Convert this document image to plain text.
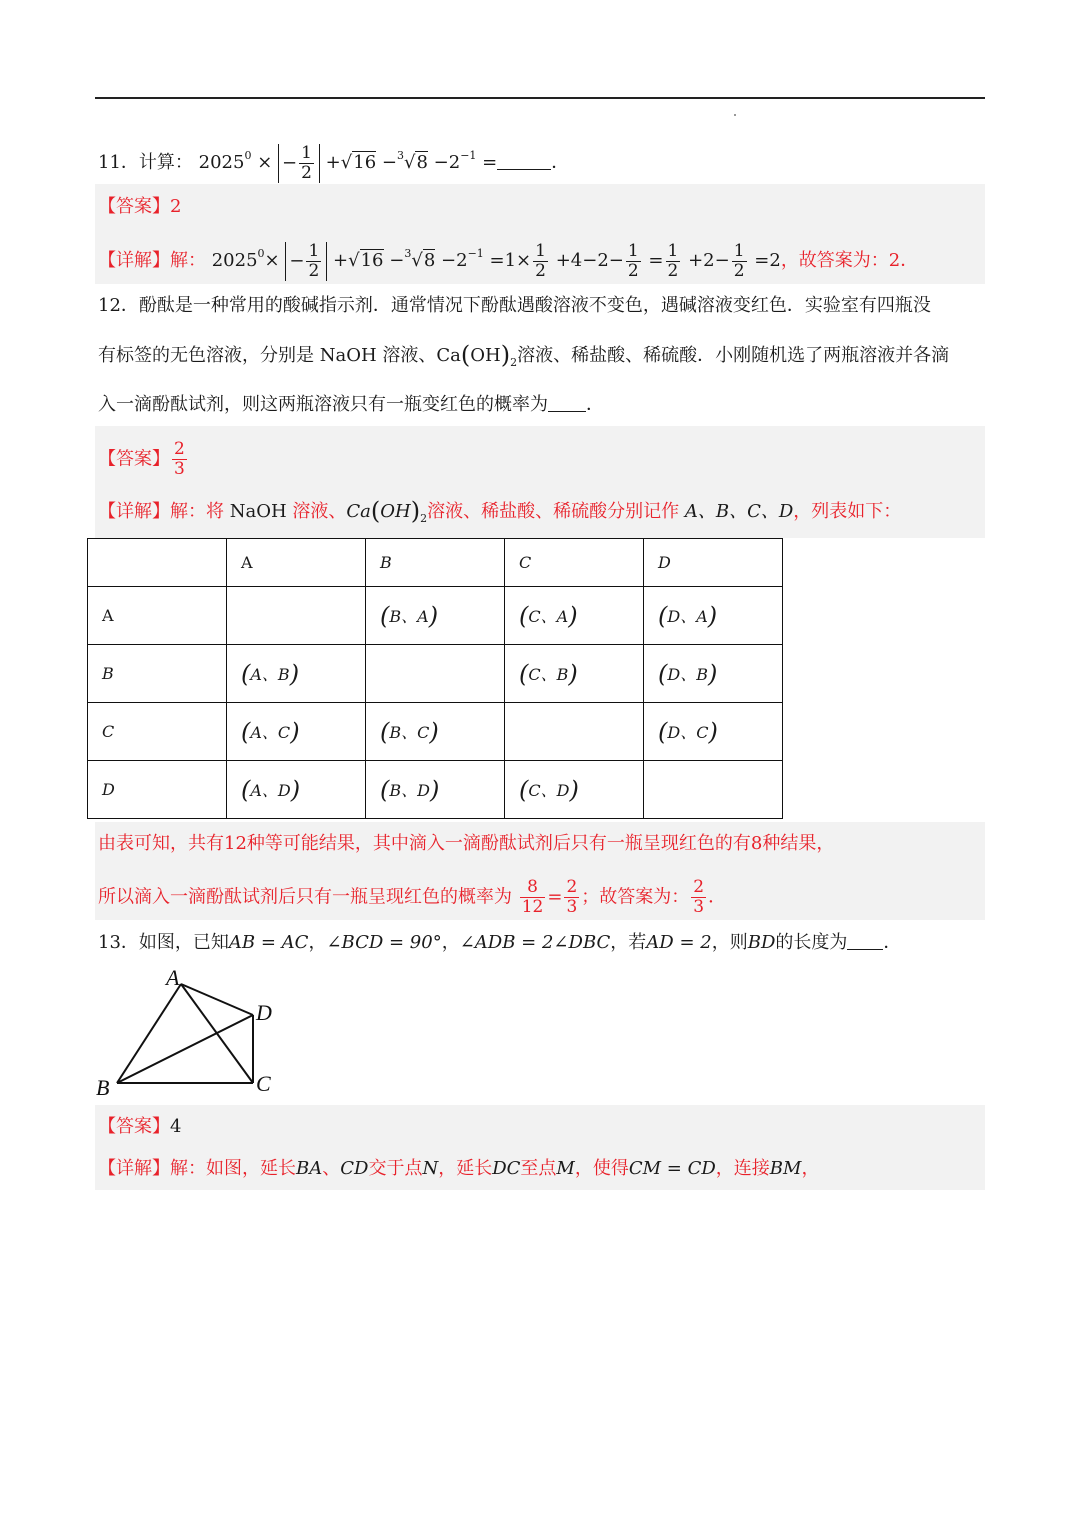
11．计算： $2025^0$ × − $\frac{1}{2} +√16 -^3√8 -2^{-1}$ =	．
【答案】2
【详解】解： $2025^0\times - \frac{1}{2} +√16 -^3√8 -2^{-1} =1\times \frac{1}{2} +4-2- \frac{1}{2} = \frac{1}{2} +2- \frac{1}{2} =2$，故答案为：2．
12．酚酞是一种常用的酸碱指示剂．通常情况下酚酞遇酸溶液不变色，遇碱溶液变红色．实验室有四瓶没
有标签的无色溶液，分别是 NaOH 溶液、$Ca(OH)_2$溶液、稀盐酸、稀硫酸．小刚随机选了两瓶溶液并各滴
入一滴酚酞试剂，则这两瓶溶液只有一瓶变红色的概率为 ．
【答案】 $\frac{2}{3}$
【详解】解：将 NaOH 溶液、$Ca(OH)_2$溶液、稀盐酸、稀硫酸分别记作 A、B、C、D，列表如下：
	A	B	C	D
A		(B、A)	(C、A)	(D、A)
B	(A、B)		(C、B)	(D、B)
C	(A、C)	(B、C)		(D、C)
D	(A、D)	(B、D)	(C、D)	
由表可知，共有12种等可能结果，其中滴入一滴酚酞试剂后只有一瓶呈现红色的有8种结果，
所以滴入一滴酚酞试剂后只有一瓶呈现红色的概率为 $\frac{8}{12} = \frac{2}{3}$ ；故答案为： $\frac{2}{3}$ ．
13．如图，已知AB = AC，∠BCD = 90°，∠ADB = 2∠DBC，若AD = 2，则BD的长度为 ．
A
D
B	C
【答案】4
【详解】解：如图，延长BA、CD交于点N，延长DC至点M，使得CM = CD，连接BM，
